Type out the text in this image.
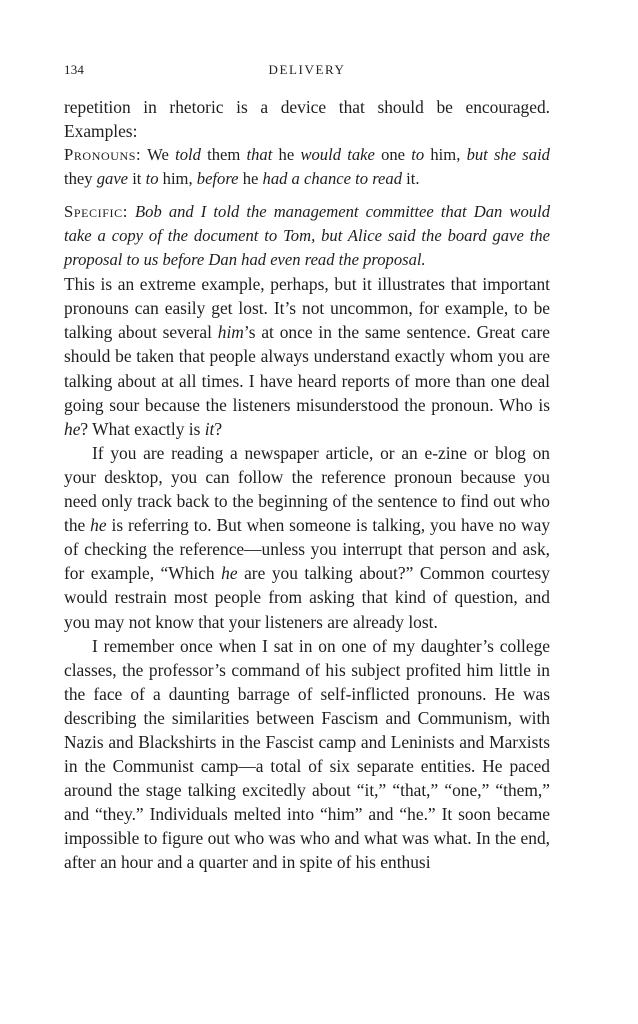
134	DELIVERY

repetition in rhetoric is a device that should be encouraged. Examples:

Pronouns: We told them that he would take one to him, but she said they gave it to him, before he had a chance to read it.

Specific: Bob and I told the management committee that Dan would take a copy of the document to Tom, but Alice said the board gave the proposal to us before Dan had even read the proposal.

This is an extreme example, perhaps, but it illustrates that important pronouns can easily get lost. It’s not uncommon, for example, to be talking about several him’s at once in the same sentence. Great care should be taken that people always understand exactly whom you are talking about at all times. I have heard reports of more than one deal going sour because the listeners misunderstood the pronoun. Who is he? What exactly is it?

If you are reading a newspaper article, or an e-zine or blog on your desktop, you can follow the reference pronoun because you need only track back to the beginning of the sentence to find out who the he is referring to. But when someone is talking, you have no way of checking the reference—unless you interrupt that person and ask, for example, “Which he are you talking about?” Common courtesy would restrain most people from asking that kind of question, and you may not know that your listeners are already lost.

I remember once when I sat in on one of my daughter’s college classes, the professor’s command of his subject profited him little in the face of a daunting barrage of self-inflicted pronouns. He was describing the similarities between Fascism and Communism, with Nazis and Blackshirts in the Fascist camp and Leninists and Marxists in the Communist camp—a total of six separate entities. He paced around the stage talking excitedly about “it,” “that,” “one,” “them,” and “they.” Individuals melted into “him” and “he.” It soon became impossible to figure out who was who and what was what. In the end, after an hour and a quarter and in spite of his enthusi
